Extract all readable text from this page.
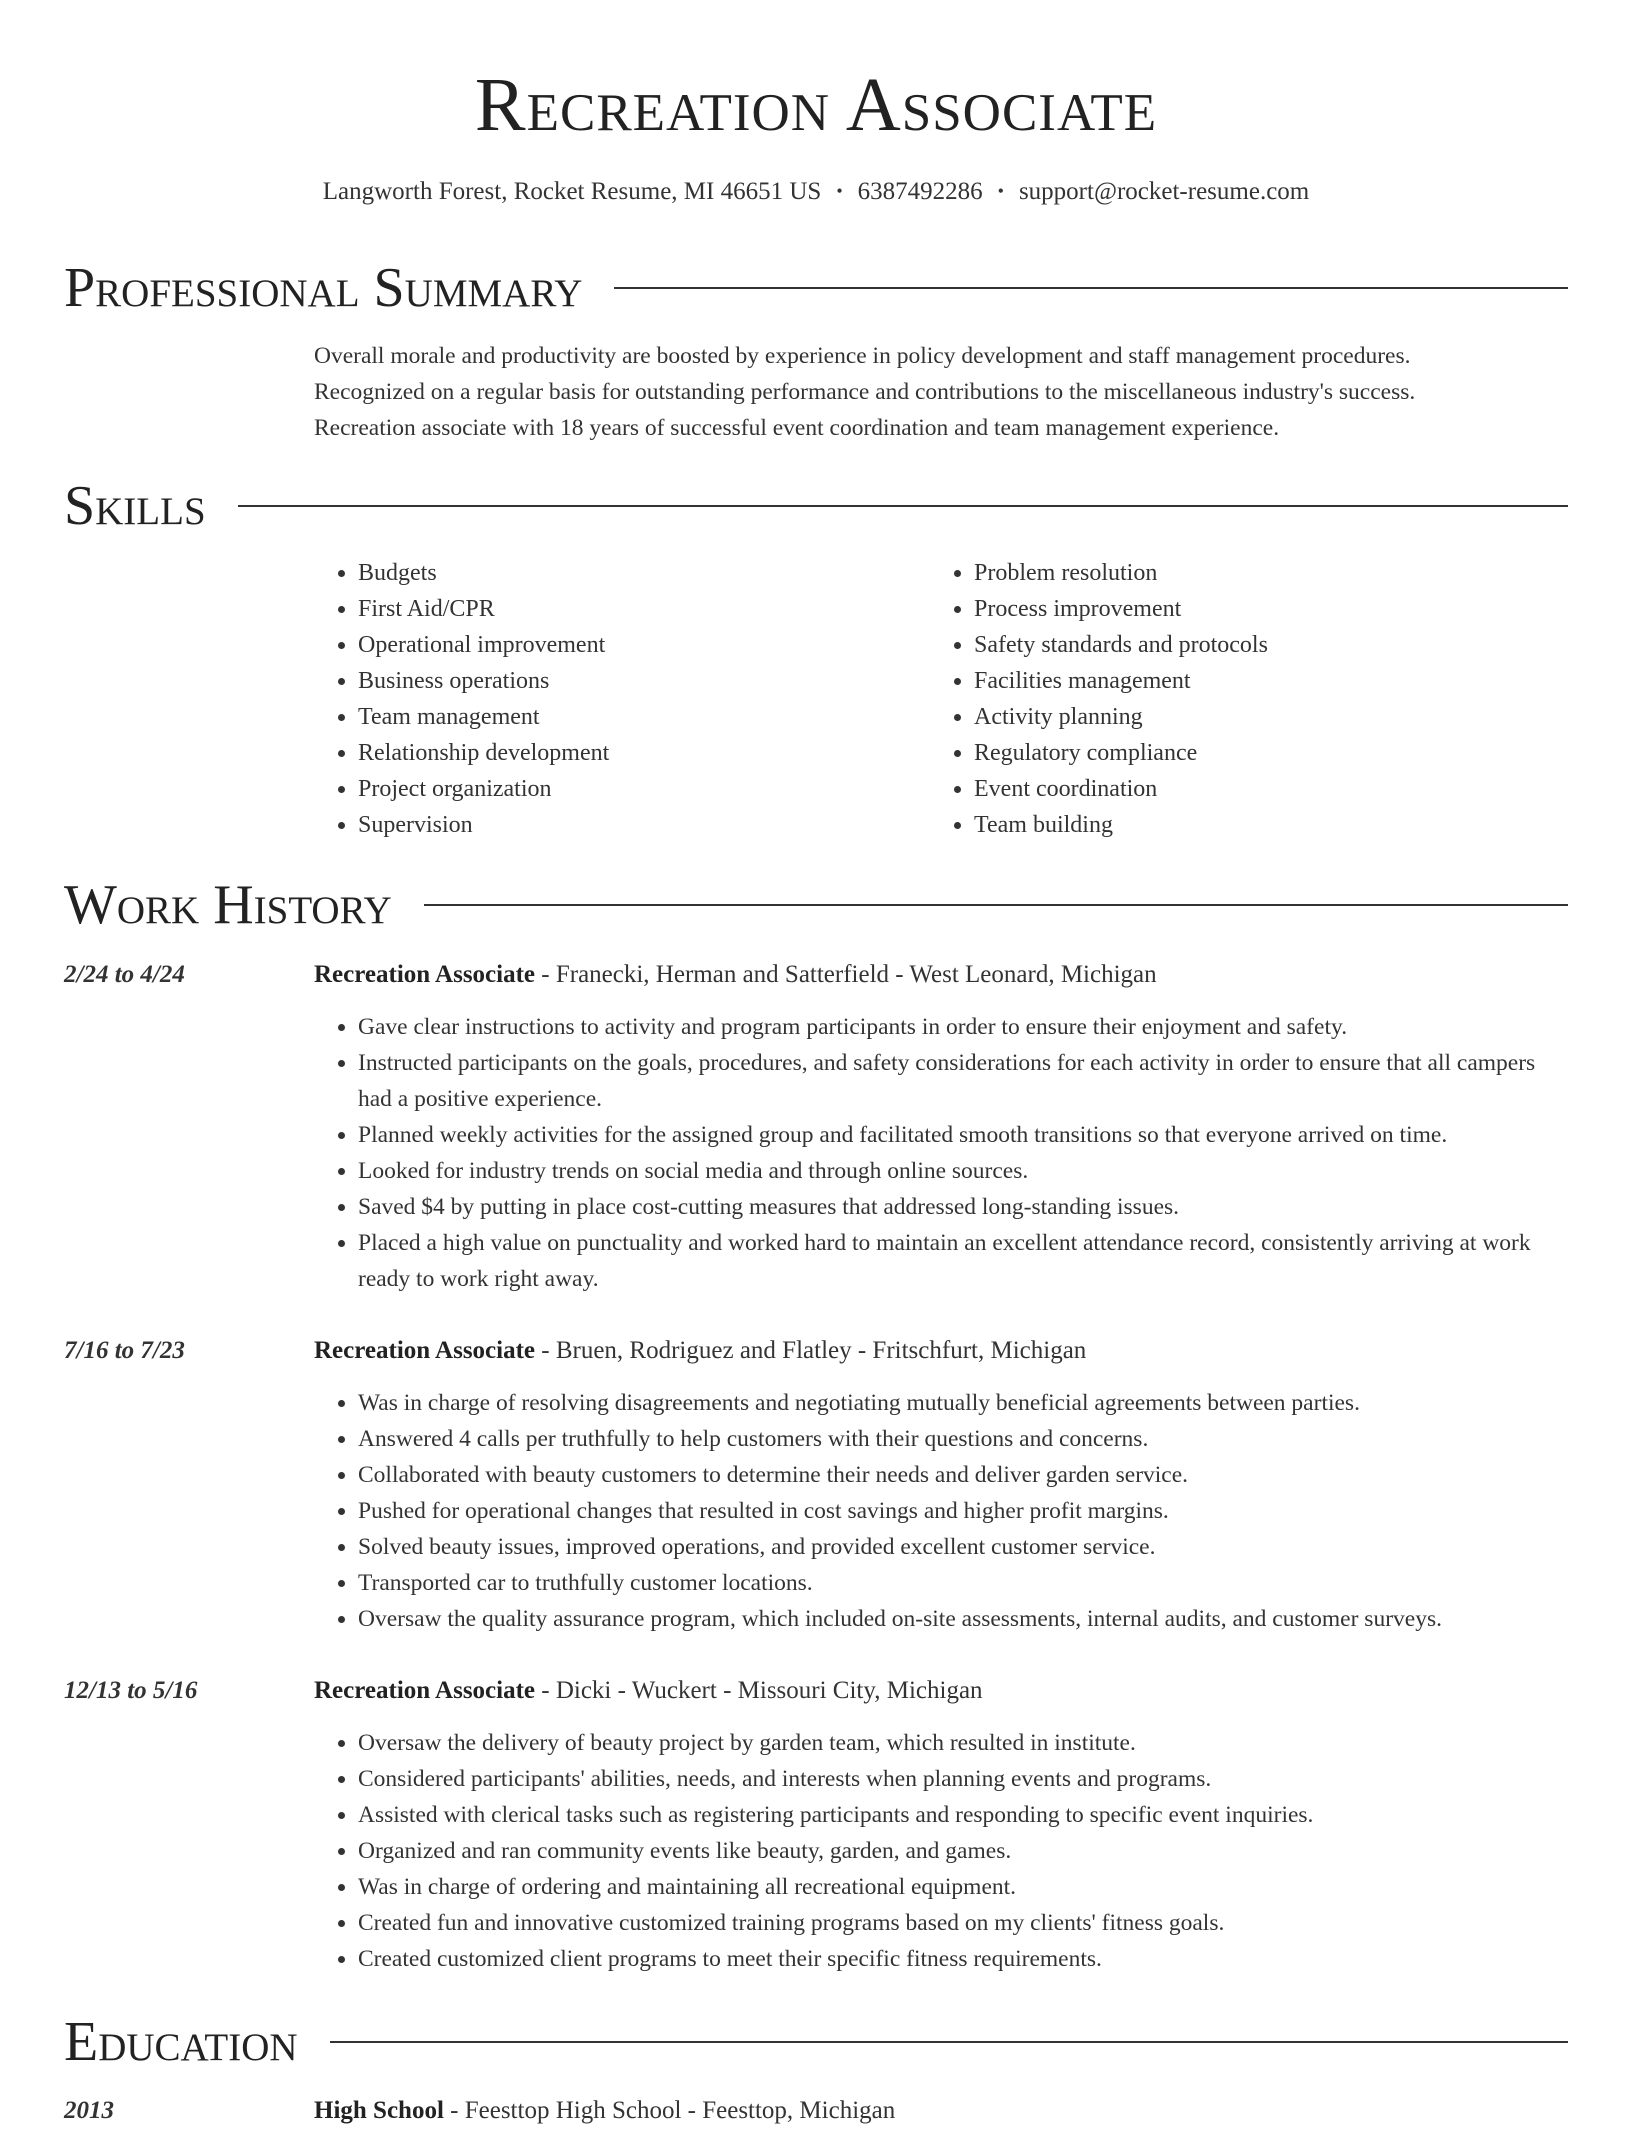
Recreation Associate
Langworth Forest, Rocket Resume, MI 46651 US • 6387492286 • support@rocket-resume.com
Professional Summary

Overall morale and productivity are boosted by experience in policy development and staff management procedures.

Recognized on a regular basis for outstanding performance and contributions to the miscellaneous industry's success.

Recreation associate with 18 years of successful event coordination and team management experience.

Skills
• Budgets
• First Aid/CPR
• Operational improvement
• Business operations
• Team management
• Relationship development
• Project organization
• Supervision
• Problem resolution
• Process improvement
• Safety standards and protocols
• Facilities management
• Activity planning
• Regulatory compliance
• Event coordination
• Team building
Work History
2/24 to 4/24	Recreation Associate - Franecki, Herman and Satterfield - West Leonard, Michigan
• Gave clear instructions to activity and program participants in order to ensure their enjoyment and safety.
• Instructed participants on the goals, procedures, and safety considerations for each activity in order to ensure that all campers had a positive experience.
• Planned weekly activities for the assigned group and facilitated smooth transitions so that everyone arrived on time.
• Looked for industry trends on social media and through online sources.
• Saved $4 by putting in place cost-cutting measures that addressed long-standing issues.
• Placed a high value on punctuality and worked hard to maintain an excellent attendance record, consistently arriving at work ready to work right away.
7/16 to 7/23	Recreation Associate - Bruen, Rodriguez and Flatley - Fritschfurt, Michigan
• Was in charge of resolving disagreements and negotiating mutually beneficial agreements between parties.
• Answered 4 calls per truthfully to help customers with their questions and concerns.
• Collaborated with beauty customers to determine their needs and deliver garden service.
• Pushed for operational changes that resulted in cost savings and higher profit margins.
• Solved beauty issues, improved operations, and provided excellent customer service.
• Transported car to truthfully customer locations.
• Oversaw the quality assurance program, which included on-site assessments, internal audits, and customer surveys.
12/13 to 5/16	Recreation Associate - Dicki - Wuckert - Missouri City, Michigan
• Oversaw the delivery of beauty project by garden team, which resulted in institute.
• Considered participants' abilities, needs, and interests when planning events and programs.
• Assisted with clerical tasks such as registering participants and responding to specific event inquiries.
• Organized and ran community events like beauty, garden, and games.
• Was in charge of ordering and maintaining all recreational equipment.
• Created fun and innovative customized training programs based on my clients' fitness goals.
• Created customized client programs to meet their specific fitness requirements.
Education
2013	High School - Feesttop High School - Feesttop, Michigan
